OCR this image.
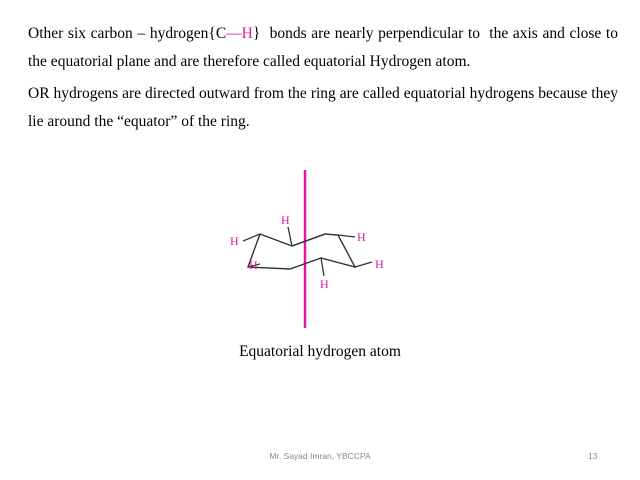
Other six carbon – hydrogen{C—H}  bonds are nearly perpendicular to  the axis and close to the equatorial plane and are therefore called equatorial Hydrogen atom.
OR hydrogens are directed outward from the ring are called equatorial hydrogens because they lie around the “equator” of the ring.
H
H	H
H	H
H
Equatorial hydrogen atom
Mr. Sayad Imran, YBCCPA	13
